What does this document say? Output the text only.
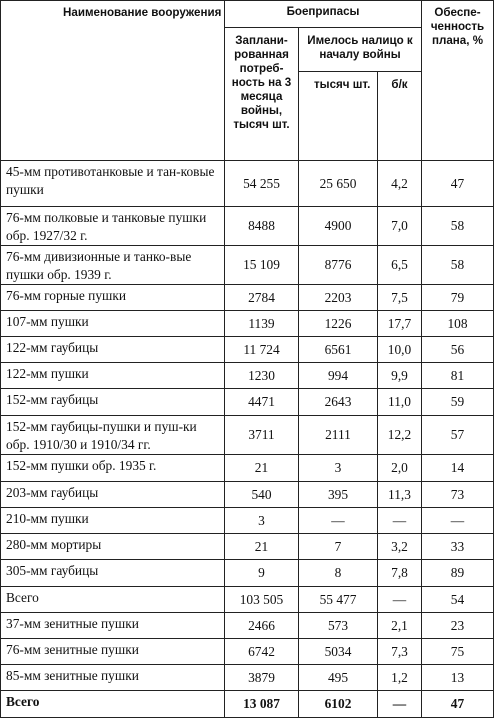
Наименование вооружения	Боеприпасы			Обеспе-ченность плана, %
	Заплани-рованная потреб-ность на 3 месяца войны, тысяч шт.	Имелось налицо к началу войны		
		тысяч шт.	б/к	
45-мм противотанковые и тан-ковые пушки	54 255	25 650	4,2	47
76-мм полковые и танковые пушки обр. 1927/32 г.	8488	4900	7,0	58
76-мм дивизионные и танко-вые пушки обр. 1939 г.	15 109	8776	6,5	58
76-мм горные пушки	2784	2203	7,5	79
107-мм пушки	1139	1226	17,7	108
122-мм гаубицы	11 724	6561	10,0	56
122-мм пушки	1230	994	9,9	81
152-мм гаубицы	4471	2643	11,0	59
152-мм гаубицы-пушки и пуш-ки обр. 1910/30 и 1910/34 гг.	3711	2111	12,2	57
152-мм пушки обр. 1935 г.	21	3	2,0	14
203-мм гаубицы	540	395	11,3	73
210-мм пушки	3	—	—	—
280-мм мортиры	21	7	3,2	33
305-мм гаубицы	9	8	7,8	89
Всего	103 505	55 477	—	54
37-мм зенитные пушки	2466	573	2,1	23
76-мм зенитные пушки	6742	5034	7,3	75
85-мм зенитные пушки	3879	495	1,2	13
Всего	13 087	6102	—	47
